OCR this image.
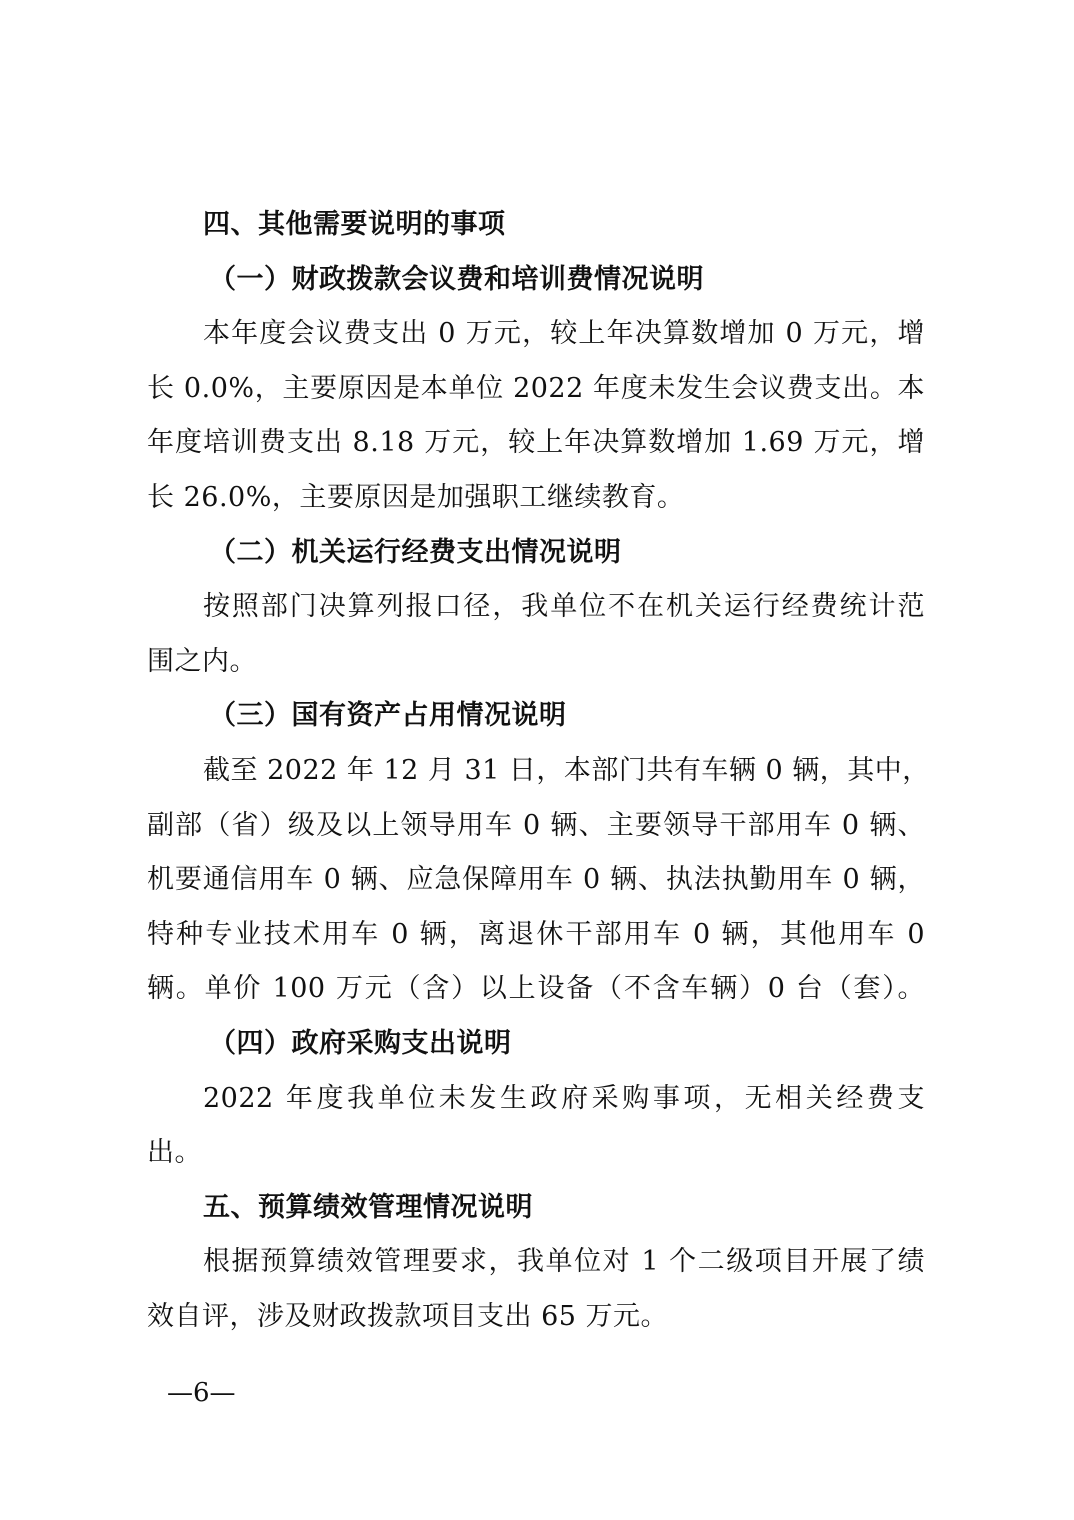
四、其他需要说明的事项
（一）财政拨款会议费和培训费情况说明
本年度会议费支出 0 万元，较上年决算数增加 0 万元，增
长 0.0%，主要原因是本单位 2022 年度未发生会议费支出。本
年度培训费支出 8.18 万元，较上年决算数增加 1.69 万元，增
长 26.0%，主要原因是加强职工继续教育。
（二）机关运行经费支出情况说明
按照部门决算列报口径，我单位不在机关运行经费统计范
围之内。
（三）国有资产占用情况说明
截至 2022 年 12 月 31 日，本部门共有车辆 0 辆，其中，
副部（省）级及以上领导用车 0 辆、主要领导干部用车 0 辆、
机要通信用车 0 辆、应急保障用车 0 辆、执法执勤用车 0 辆，
特种专业技术用车 0 辆，离退休干部用车 0 辆，其他用车 0
辆。单价 100 万元（含）以上设备（不含车辆）0 台（套）。
（四）政府采购支出说明
2022 年度我单位未发生政府采购事项，无相关经费支
出。
五、预算绩效管理情况说明
根据预算绩效管理要求，我单位对 1 个二级项目开展了绩
效自评，涉及财政拨款项目支出 65 万元。
—6—
